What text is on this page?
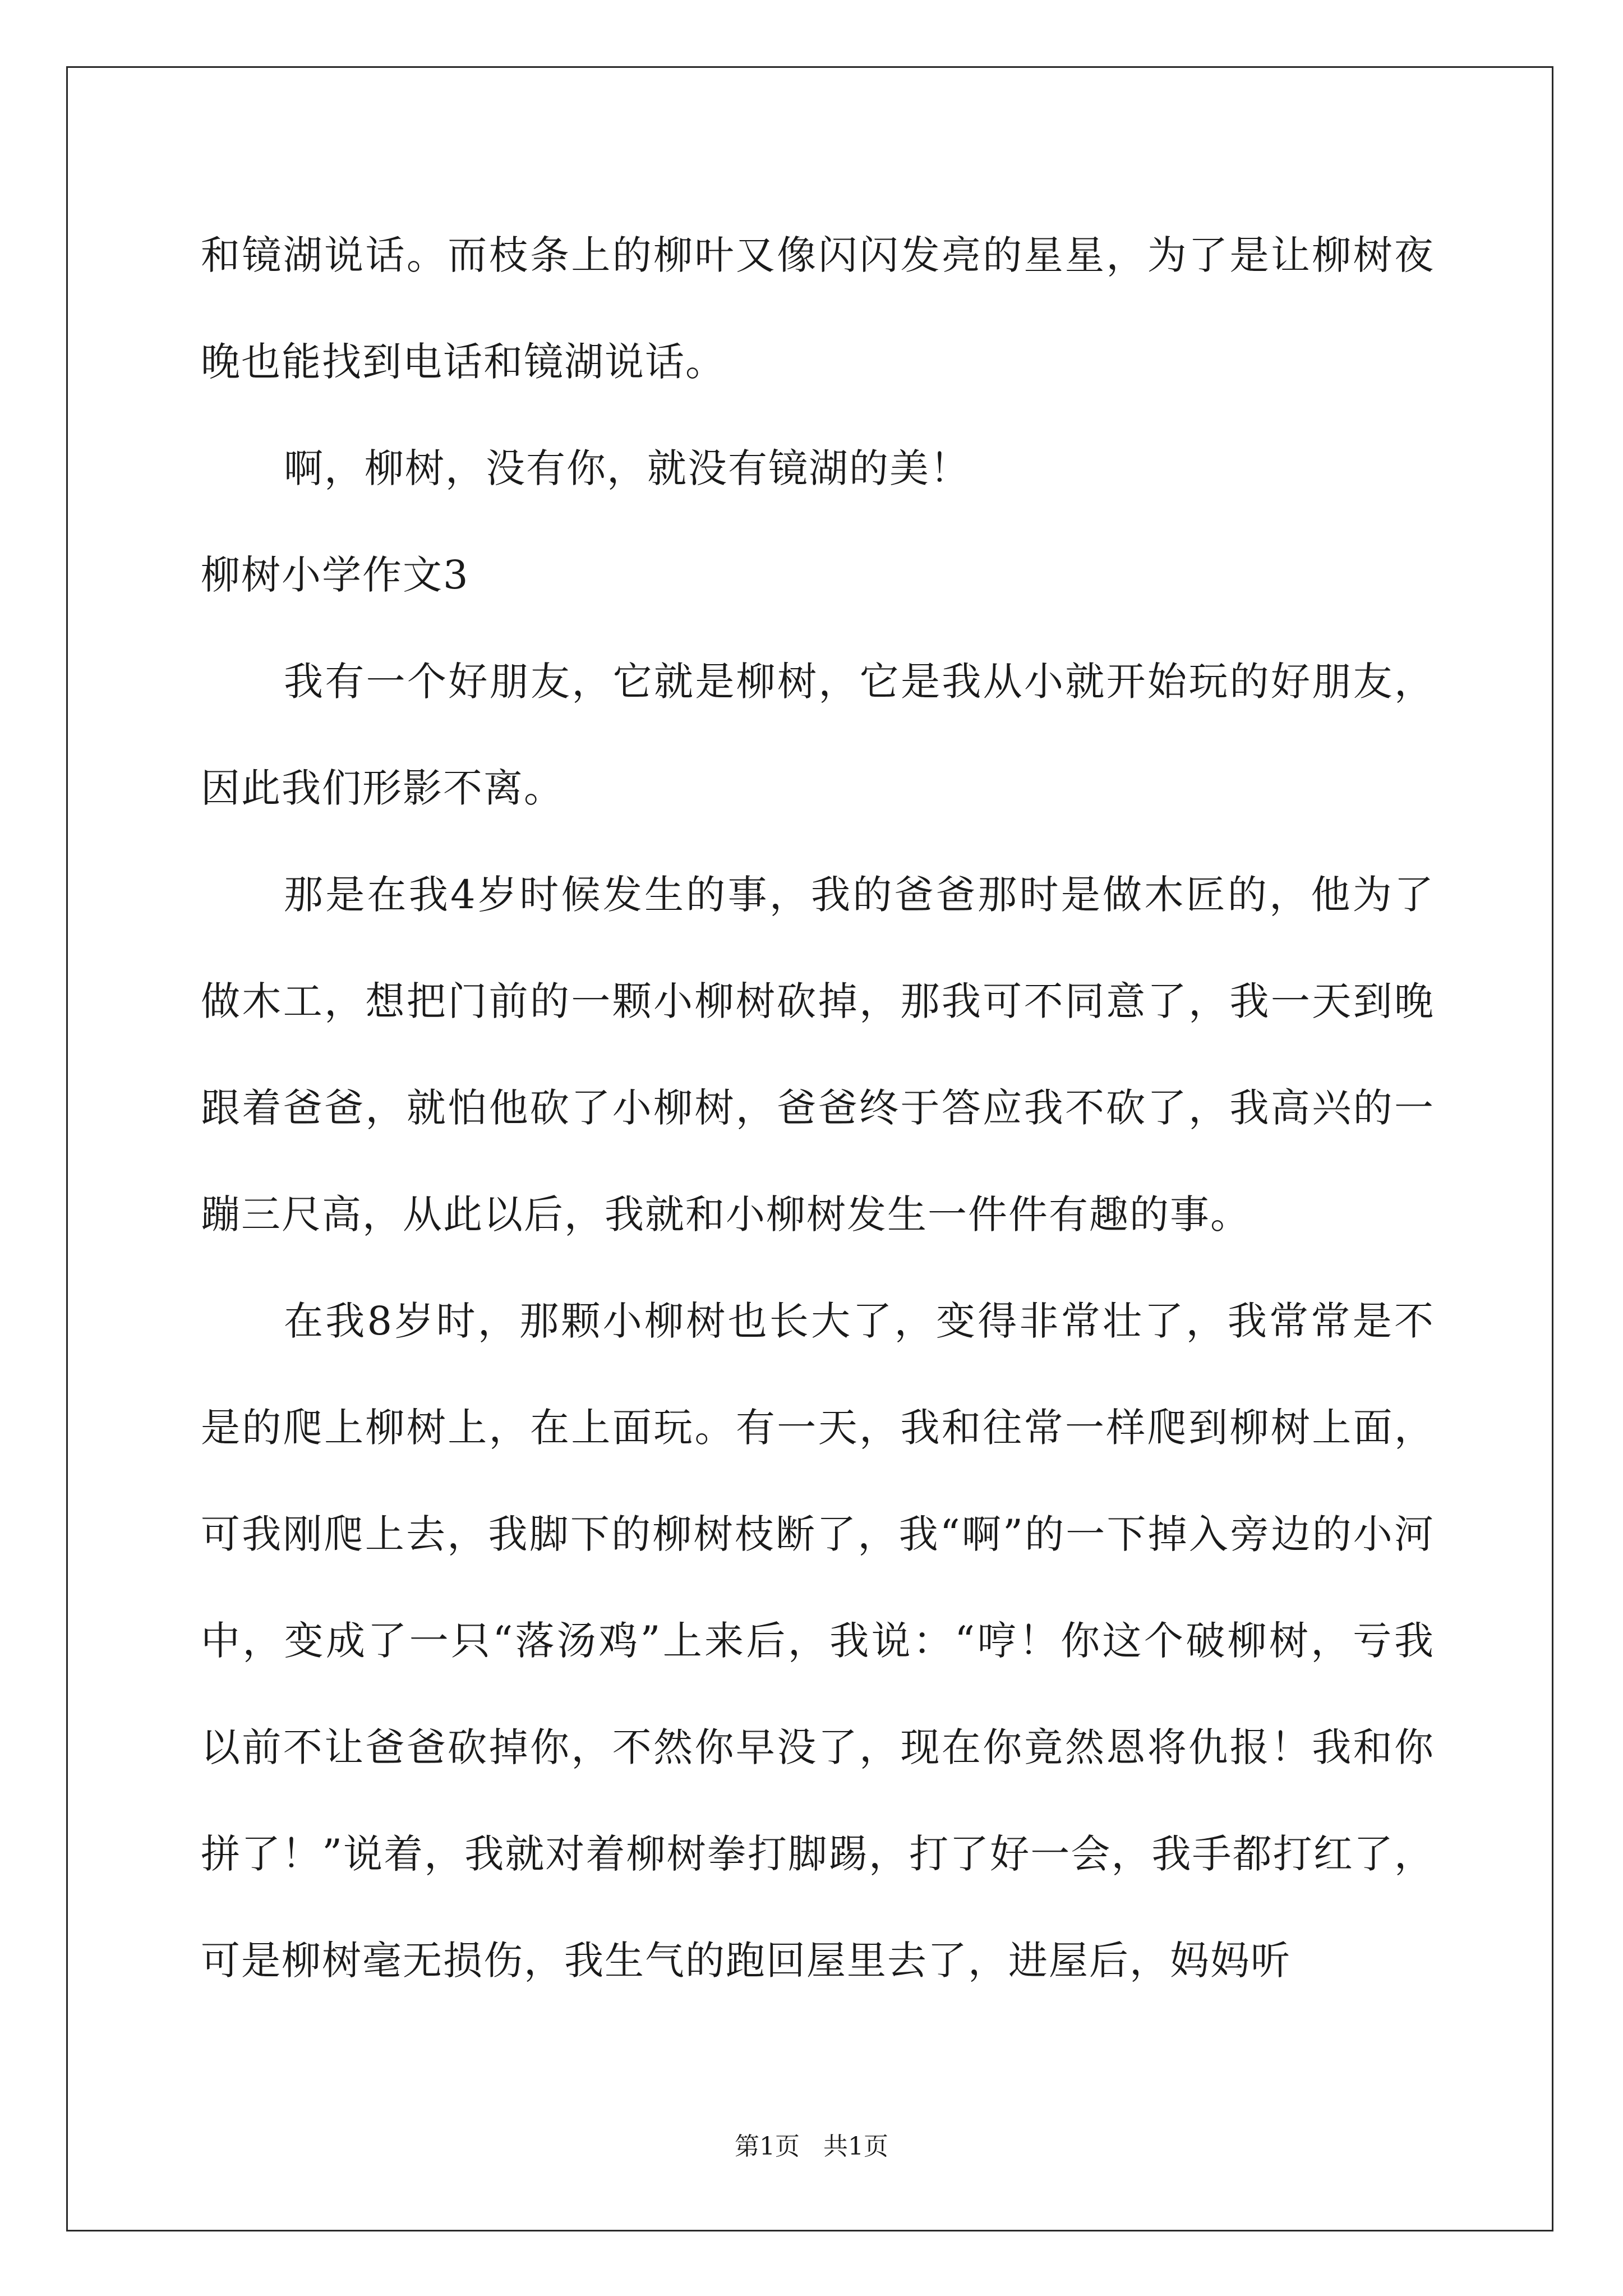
和镜湖说话。而枝条上的柳叶又像闪闪发亮的星星，为了是让柳树夜晚也能找到电话和镜湖说话。

啊，柳树，没有你，就没有镜湖的美！

柳树小学作文3

我有一个好朋友，它就是柳树，它是我从小就开始玩的好朋友，因此我们形影不离。

那是在我4岁时候发生的事，我的爸爸那时是做木匠的，他为了做木工，想把门前的一颗小柳树砍掉，那我可不同意了，我一天到晚跟着爸爸，就怕他砍了小柳树，爸爸终于答应我不砍了，我高兴的一蹦三尺高，从此以后，我就和小柳树发生一件件有趣的事。

在我8岁时，那颗小柳树也长大了，变得非常壮了，我常常是不是的爬上柳树上，在上面玩。有一天，我和往常一样爬到柳树上面，可我刚爬上去，我脚下的柳树枝断了，我“啊”的一下掉入旁边的小河中，变成了一只“落汤鸡”上来后，我说：“哼！你这个破柳树，亏我以前不让爸爸砍掉你，不然你早没了，现在你竟然恩将仇报！我和你拼了！”说着，我就对着柳树拳打脚踢，打了好一会，我手都打红了，可是柳树毫无损伤，我生气的跑回屋里去了，进屋后，妈妈听

第1页 共1页
